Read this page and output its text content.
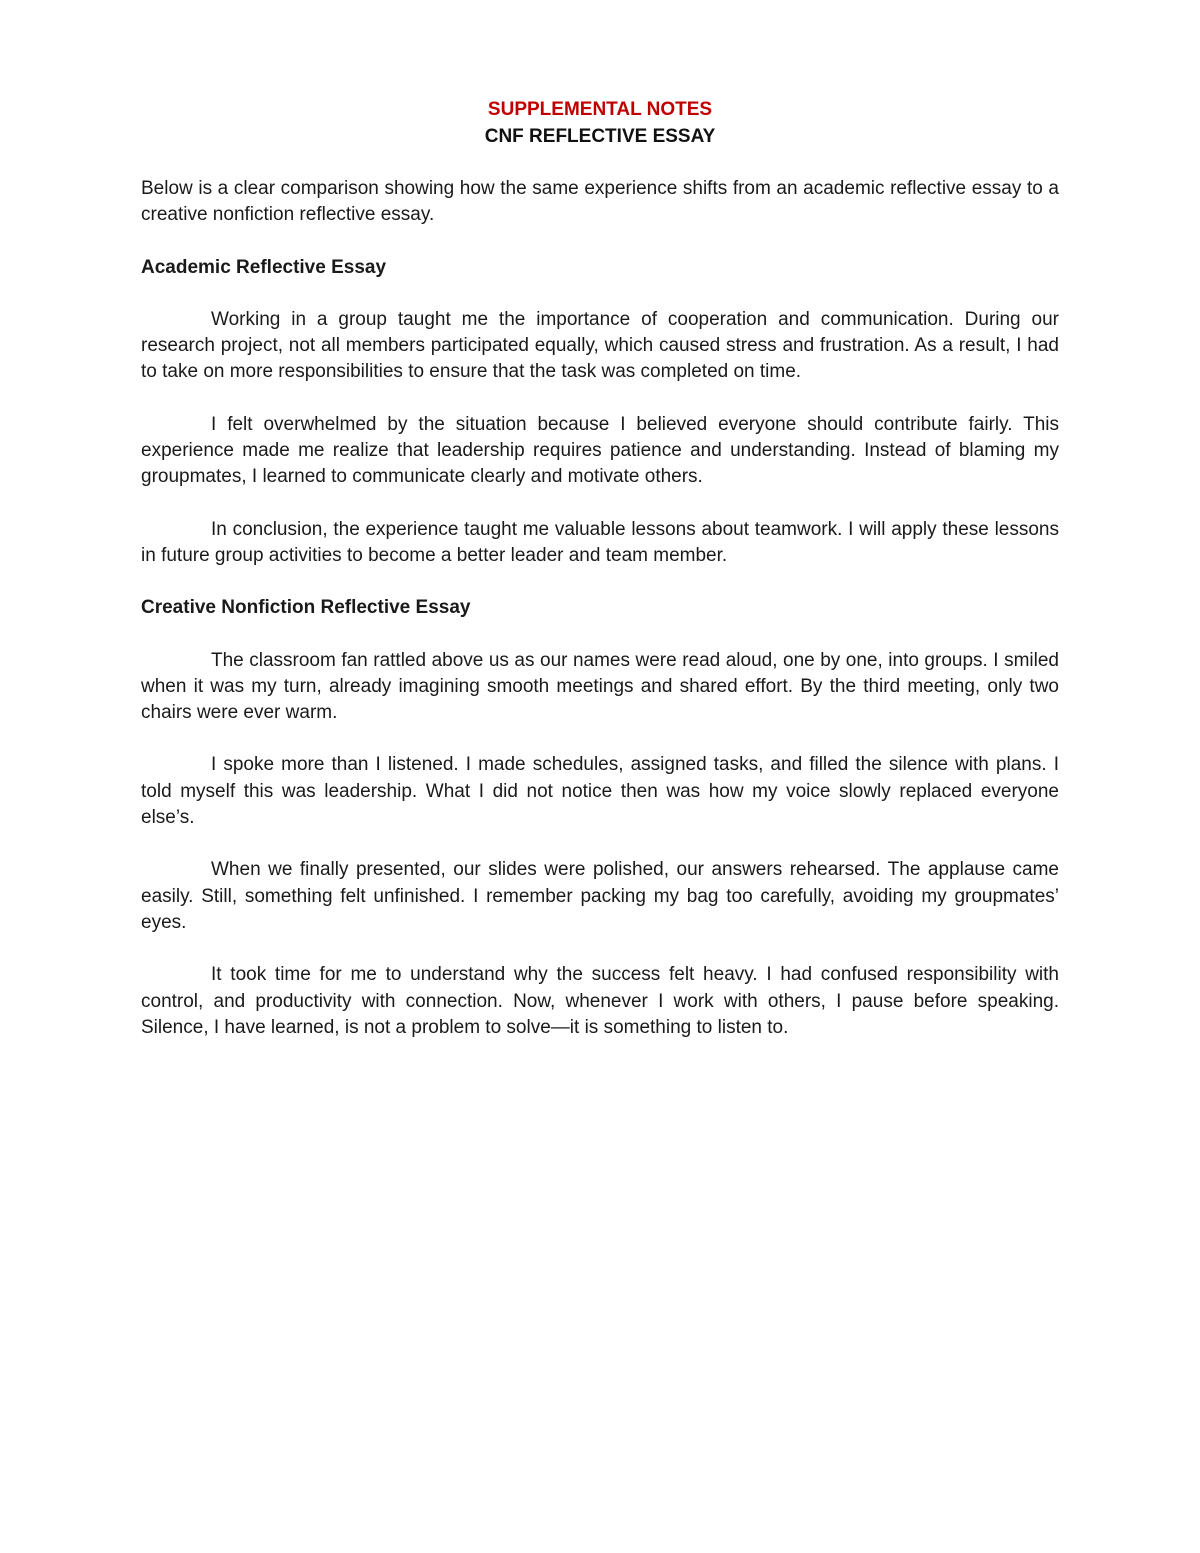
SUPPLEMENTAL NOTES
CNF REFLECTIVE ESSAY

Below is a clear comparison showing how the same experience shifts from an academic reflective essay to a creative nonfiction reflective essay.

Academic Reflective Essay

Working in a group taught me the importance of cooperation and communication. During our research project, not all members participated equally, which caused stress and frustration. As a result, I had to take on more responsibilities to ensure that the task was completed on time.

I felt overwhelmed by the situation because I believed everyone should contribute fairly. This experience made me realize that leadership requires patience and understanding. Instead of blaming my groupmates, I learned to communicate clearly and motivate others.

In conclusion, the experience taught me valuable lessons about teamwork. I will apply these lessons in future group activities to become a better leader and team member.

Creative Nonfiction Reflective Essay

The classroom fan rattled above us as our names were read aloud, one by one, into groups. I smiled when it was my turn, already imagining smooth meetings and shared effort. By the third meeting, only two chairs were ever warm.

I spoke more than I listened. I made schedules, assigned tasks, and filled the silence with plans. I told myself this was leadership. What I did not notice then was how my voice slowly replaced everyone else’s.

When we finally presented, our slides were polished, our answers rehearsed. The applause came easily. Still, something felt unfinished. I remember packing my bag too carefully, avoiding my groupmates’ eyes.

It took time for me to understand why the success felt heavy. I had confused responsibility with control, and productivity with connection. Now, whenever I work with others, I pause before speaking. Silence, I have learned, is not a problem to solve—it is something to listen to.
